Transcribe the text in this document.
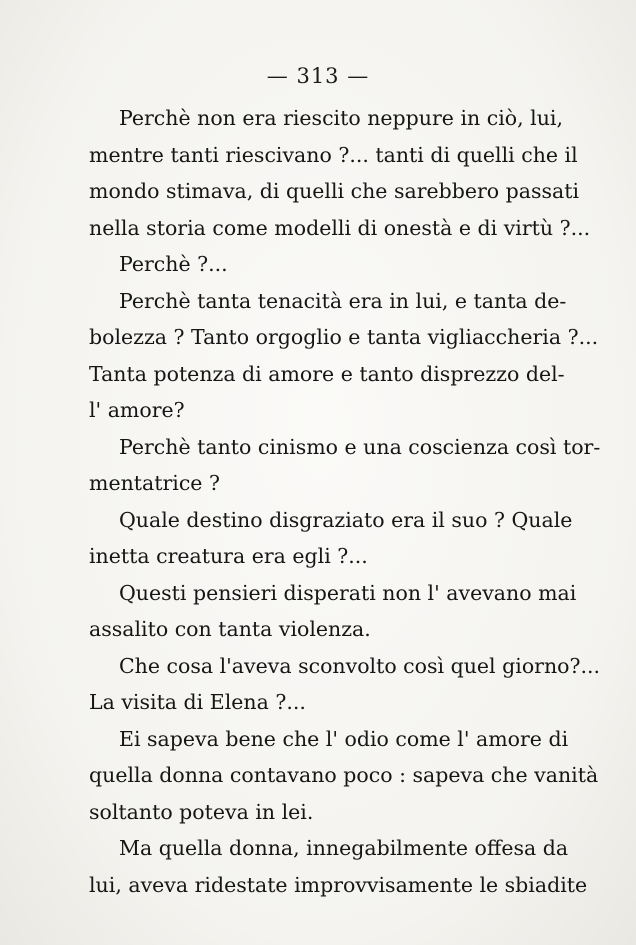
— 313 —
Perchè non era riescito neppure in ciò, lui,
mentre tanti riescivano ?... tanti di quelli che il
mondo stimava, di quelli che sarebbero passati
nella storia come modelli di onestà e di virtù ?...
Perchè ?...
Perchè tanta tenacità era in lui, e tanta de-
bolezza ? Tanto orgoglio e tanta vigliaccheria ?...
Tanta potenza di amore e tanto disprezzo del-
l' amore?
Perchè tanto cinismo e una coscienza così tor-
mentatrice ?
Quale destino disgraziato era il suo ? Quale
inetta creatura era egli ?...
Questi pensieri disperati non l' avevano mai
assalito con tanta violenza.
Che cosa l'aveva sconvolto così quel giorno?...
La visita di Elena ?...
Ei sapeva bene che l' odio come l' amore di
quella donna contavano poco : sapeva che vanità
soltanto poteva in lei.
Ma quella donna, innegabilmente offesa da
lui, aveva ridestate improvvisamente le sbiadite
